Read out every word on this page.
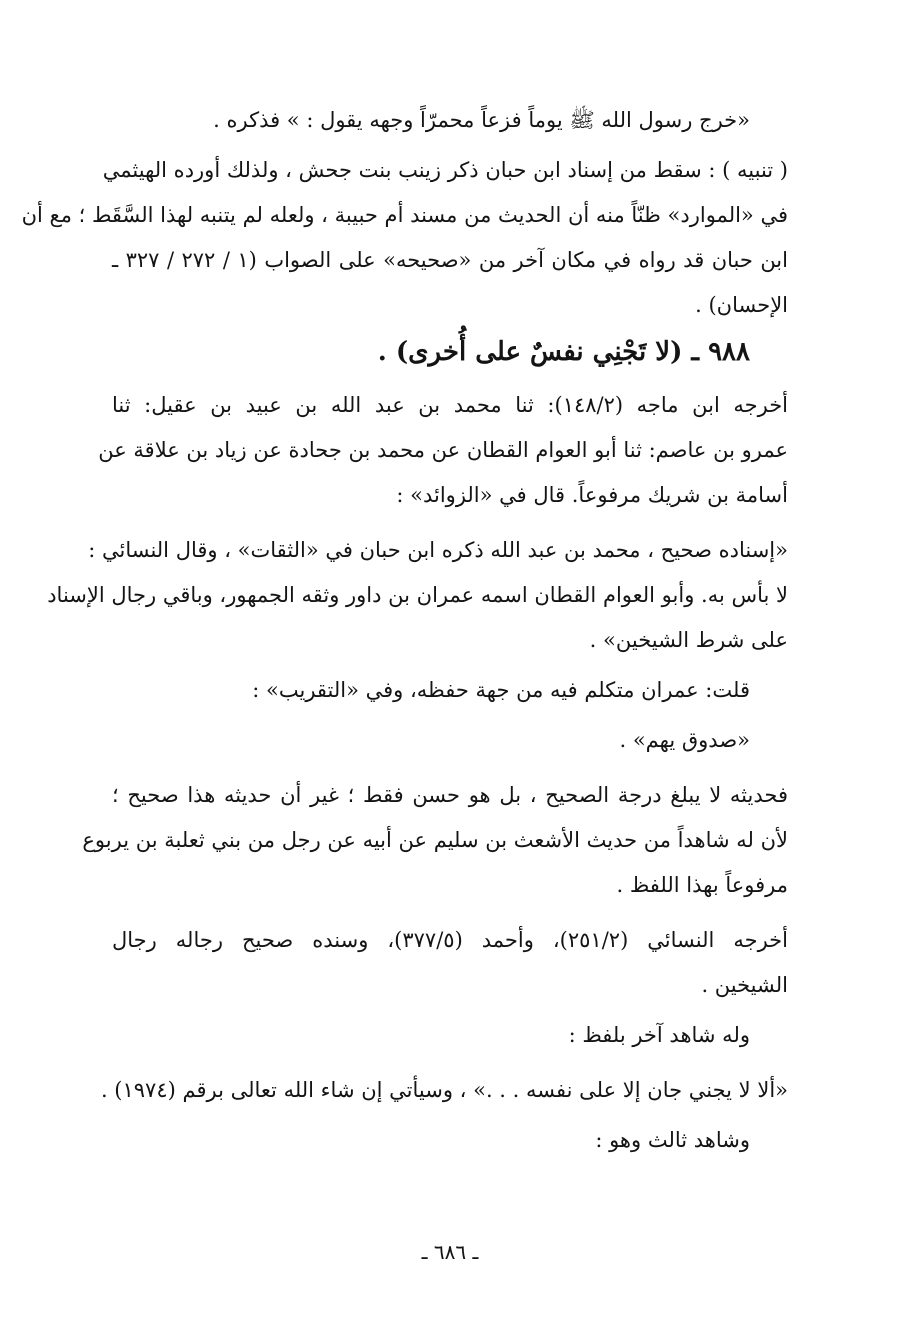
«خرج رسول الله ﷺ يوماً فزعاً محمرّاً وجهه يقول : » فذكره .
( تنبيه ) : سقط من إسناد ابن حبان ذكر زينب بنت جحش ، ولذلك أورده الهيثمي
في «الموارد» ظنّاً منه أن الحديث من مسند أم حبيبة ، ولعله لم يتنبه لهذا السَّقَط ؛ مع أن
ابن حبان قد رواه في مكان آخر من «صحيحه» على الصواب (١ / ٢٧٢ / ٣٢٧ ـ
الإحسان) .
٩٨٨ ـ (لا تَجْنِي نفسٌ على أُخرى) .
أخرجه ابن ماجه (١٤٨/٢): ثنا محمد بن عبد الله بن عبيد بن عقيل: ثنا
عمرو بن عاصم: ثنا أبو العوام القطان عن محمد بن جحادة عن زياد بن علاقة عن
أسامة بن شريك مرفوعاً. قال في «الزوائد» :
«إسناده صحيح ، محمد بن عبد الله ذكره ابن حبان في «الثقات» ، وقال النسائي :
لا بأس به. وأبو العوام القطان اسمه عمران بن داور وثقه الجمهور، وباقي رجال الإسناد
على شرط الشيخين» .
قلت: عمران متكلم فيه من جهة حفظه، وفي «التقريب» :
«صدوق يهم» .
فحديثه لا يبلغ درجة الصحيح ، بل هو حسن فقط ؛ غير أن حديثه هذا صحيح ؛
لأن له شاهداً من حديث الأشعث بن سليم عن أبيه عن رجل من بني ثعلبة بن يربوع
مرفوعاً بهذا اللفظ .
أخرجه النسائي (٢٥١/٢)، وأحمد (٣٧٧/٥)، وسنده صحيح رجاله رجال
الشيخين .
وله شاهد آخر بلفظ :
«ألا لا يجني جان إلا على نفسه . . .» ، وسيأتي إن شاء الله تعالى برقم (١٩٧٤) .
وشاهد ثالث وهو :
ـ ٦٨٦ ـ
